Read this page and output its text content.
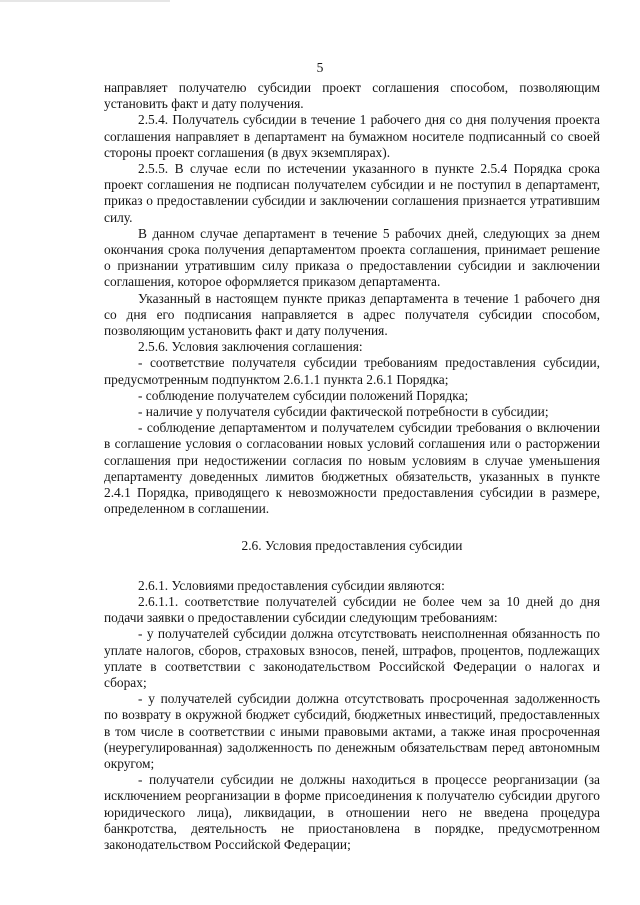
5

направляет получателю субсидии проект соглашения способом, позволяющим установить факт и дату получения.

2.5.4. Получатель субсидии в течение 1 рабочего дня со дня получения проекта соглашения направляет в департамент на бумажном носителе подписанный со своей стороны проект соглашения (в двух экземплярах).

2.5.5. В случае если по истечении указанного в пункте 2.5.4 Порядка срока проект соглашения не подписан получателем субсидии и не поступил в департамент, приказ о предоставлении субсидии и заключении соглашения признается утратившим силу.

В данном случае департамент в течение 5 рабочих дней, следующих за днем окончания срока получения департаментом проекта соглашения, принимает решение о признании утратившим силу приказа о предоставлении субсидии и заключении соглашения, которое оформляется приказом департамента.

Указанный в настоящем пункте приказ департамента в течение 1 рабочего дня со дня его подписания направляется в адрес получателя субсидии способом, позволяющим установить факт и дату получения.

2.5.6. Условия заключения соглашения:

- соответствие получателя субсидии требованиям предоставления субсидии, предусмотренным подпунктом 2.6.1.1 пункта 2.6.1 Порядка;

- соблюдение получателем субсидии положений Порядка;

- наличие у получателя субсидии фактической потребности в субсидии;

- соблюдение департаментом и получателем субсидии требования о включении в соглашение условия о согласовании новых условий соглашения или о расторжении соглашения при недостижении согласия по новым условиям в случае уменьшения департаменту доведенных лимитов бюджетных обязательств, указанных в пункте 2.4.1 Порядка, приводящего к невозможности предоставления субсидии в размере, определенном в соглашении.

2.6. Условия предоставления субсидии

2.6.1. Условиями предоставления субсидии являются:

2.6.1.1. соответствие получателей субсидии не более чем за 10 дней до дня подачи заявки о предоставлении субсидии следующим требованиям:

- у получателей субсидии должна отсутствовать неисполненная обязанность по уплате налогов, сборов, страховых взносов, пеней, штрафов, процентов, подлежащих уплате в соответствии с законодательством Российской Федерации о налогах и сборах;

- у получателей субсидии должна отсутствовать просроченная задолженность по возврату в окружной бюджет субсидий, бюджетных инвестиций, предоставленных в том числе в соответствии с иными правовыми актами, а также иная просроченная (неурегулированная) задолженность по денежным обязательствам перед автономным округом;

- получатели субсидии не должны находиться в процессе реорганизации (за исключением реорганизации в форме присоединения к получателю субсидии другого юридического лица), ликвидации, в отношении него не введена процедура банкротства, деятельность не приостановлена в порядке, предусмотренном законодательством Российской Федерации;
